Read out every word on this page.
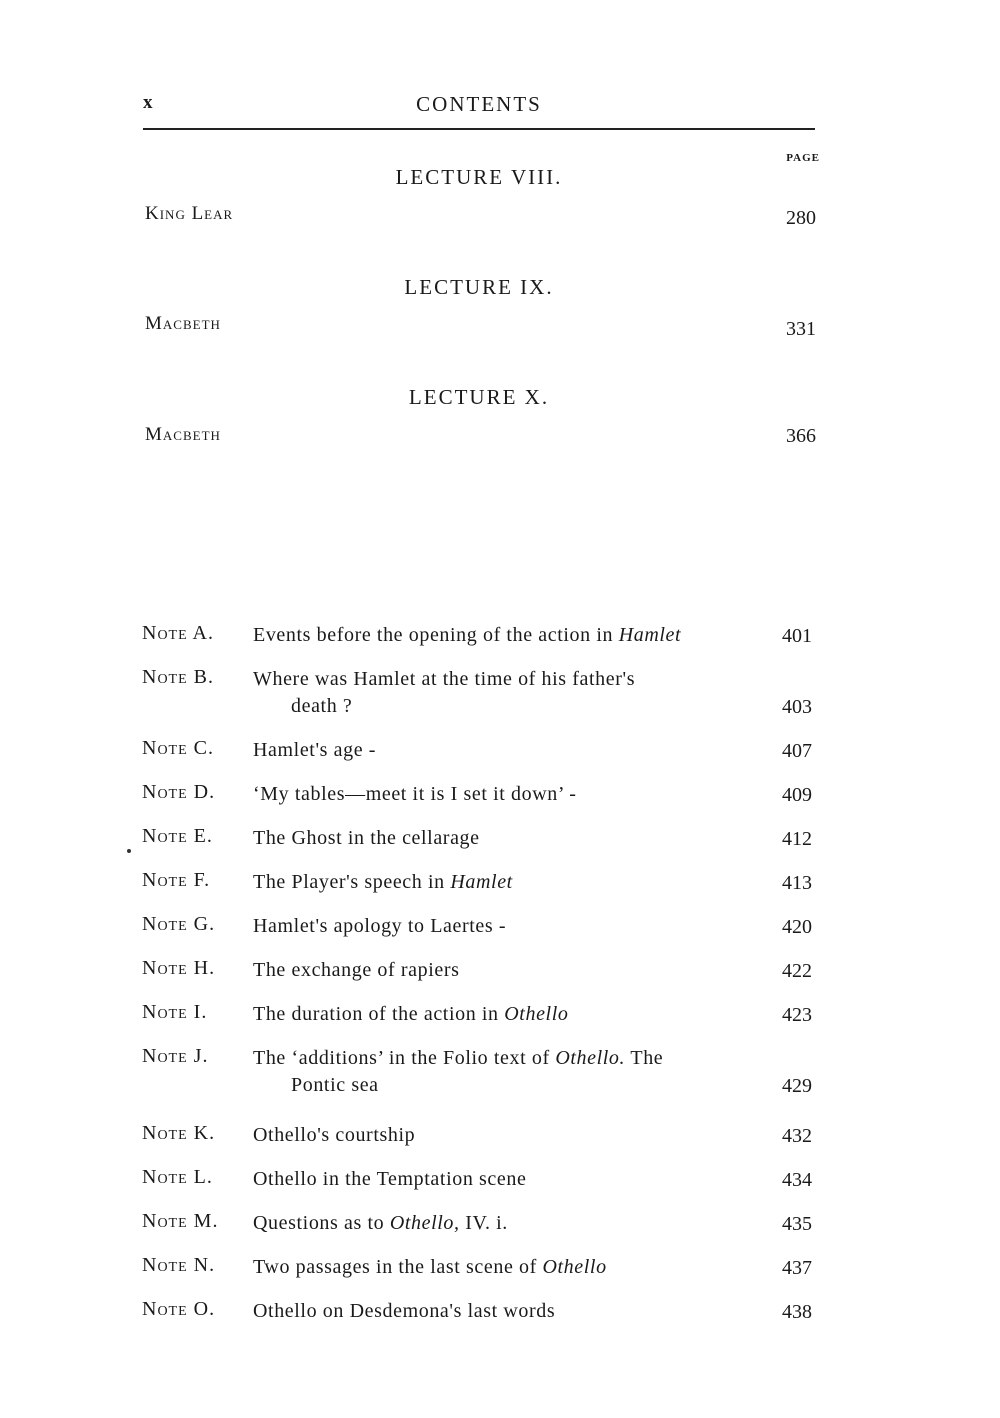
x	CONTENTS
PAGE
LECTURE VIII.
King Lear	280
LECTURE IX.
Macbeth	331
LECTURE X.
Macbeth	366
Note A. Events before the opening of the action in Hamlet	401
Note B. Where was Hamlet at the time of his father's
death ?	403
Note C. Hamlet's age -	407
Note D. ‘My tables—meet it is I set it down’ -	409
Note E. The Ghost in the cellarage	412
Note F. The Player's speech in Hamlet	413
Note G. Hamlet's apology to Laertes -	420
Note H. The exchange of rapiers	422
Note I. The duration of the action in Othello	423
Note J. The ‘additions’ in the Folio text of Othello. The
Pontic sea	429
Note K. Othello's courtship	432
Note L. Othello in the Temptation scene	434
Note M. Questions as to Othello, IV. i.	435
Note N. Two passages in the last scene of Othello	437
Note O. Othello on Desdemona's last words	438
